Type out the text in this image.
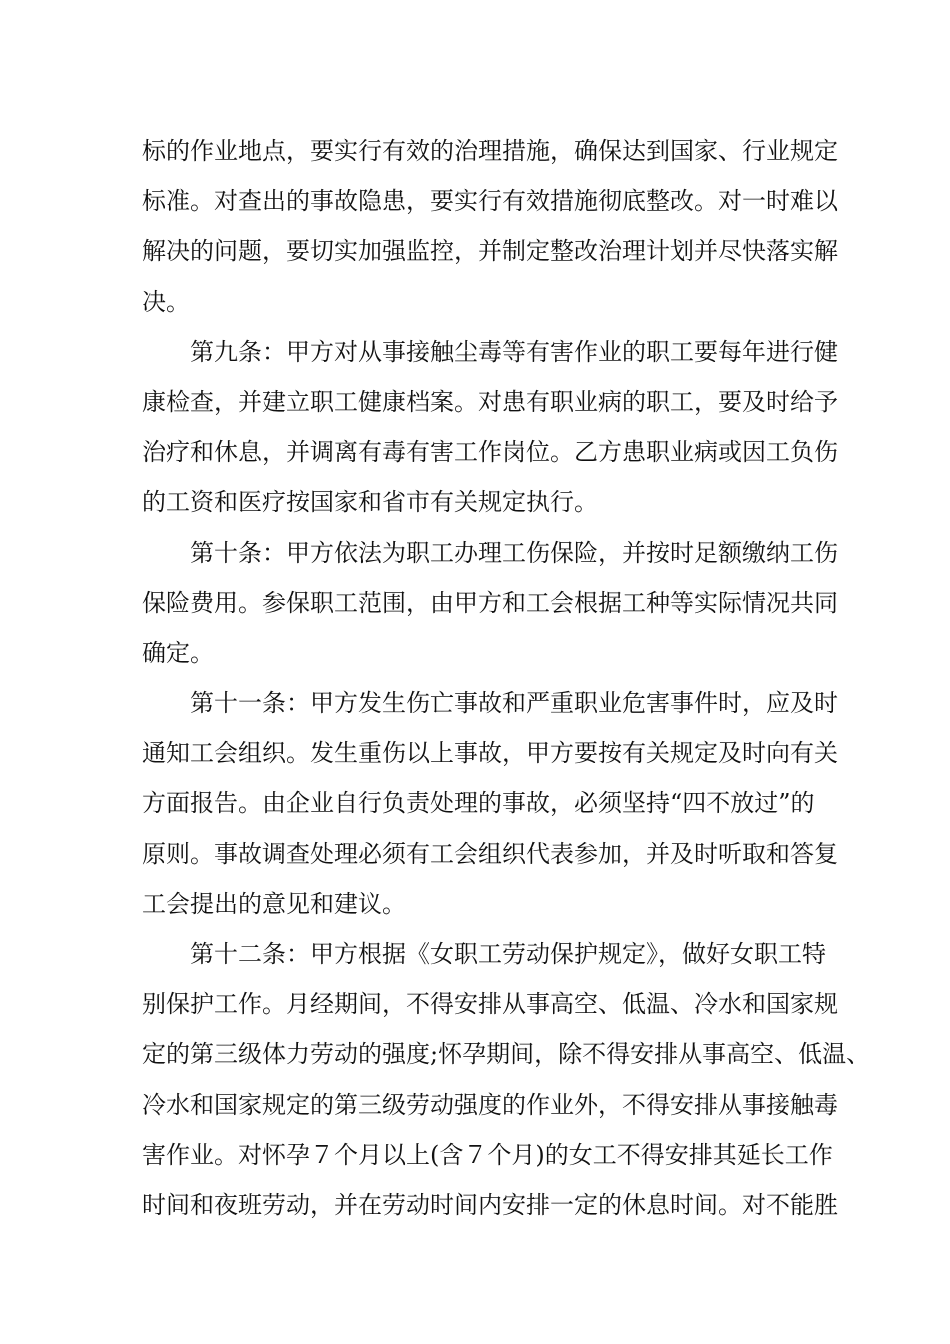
标的作业地点，要实行有效的治理措施，确保达到国家、行业规定
标准。对查出的事故隐患，要实行有效措施彻底整改。对一时难以
解决的问题，要切实加强监控，并制定整改治理计划并尽快落实解
决。
第九条：甲方对从事接触尘毒等有害作业的职工要每年进行健
康检查，并建立职工健康档案。对患有职业病的职工，要及时给予
治疗和休息，并调离有毒有害工作岗位。乙方患职业病或因工负伤
的工资和医疗按国家和省市有关规定执行。
第十条：甲方依法为职工办理工伤保险，并按时足额缴纳工伤
保险费用。参保职工范围，由甲方和工会根据工种等实际情况共同
确定。
第十一条：甲方发生伤亡事故和严重职业危害事件时，应及时
通知工会组织。发生重伤以上事故，甲方要按有关规定及时向有关
方面报告。由企业自行负责处理的事故，必须坚持“四不放过”的
原则。事故调查处理必须有工会组织代表参加，并及时听取和答复
工会提出的意见和建议。
第十二条：甲方根据《女职工劳动保护规定》，做好女职工特
别保护工作。月经期间，不得安排从事高空、低温、冷水和国家规
定的第三级体力劳动的强度;怀孕期间，除不得安排从事高空、低温、
冷水和国家规定的第三级劳动强度的作业外，不得安排从事接触毒
害作业。对怀孕７个月以上(含７个月)的女工不得安排其延长工作
时间和夜班劳动，并在劳动时间内安排一定的休息时间。对不能胜
